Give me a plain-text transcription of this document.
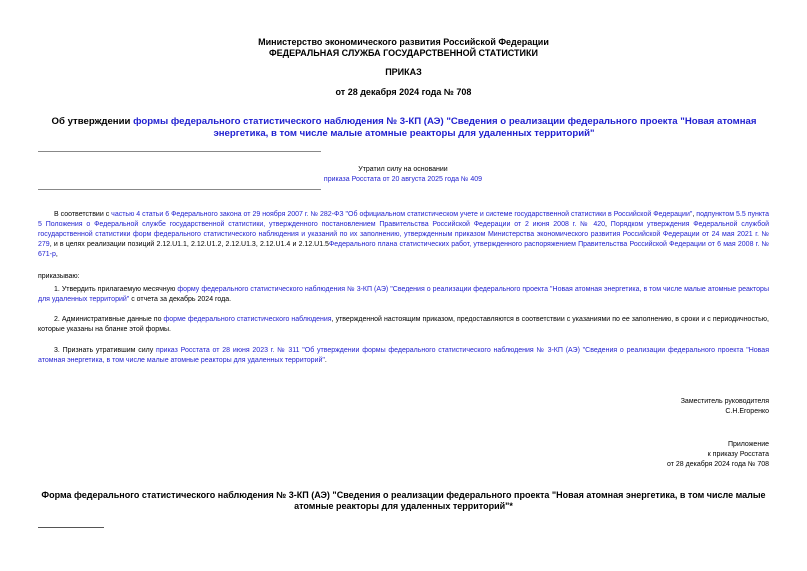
Министерство экономического развития Российской Федерации
ФЕДЕРАЛЬНАЯ СЛУЖБА ГОСУДАРСТВЕННОЙ СТАТИСТИКИ
ПРИКАЗ
от 28 декабря 2024 года № 708
Об утверждении формы федерального статистического наблюдения № 3-КП (АЭ) "Сведения о реализации федерального проекта "Новая атомная энергетика, в том числе малые атомные реакторы для удаленных территорий"
Утратил силу на основании
приказа Росстата от 20 августа 2025 года № 409
В соответствии с частью 4 статьи 6 Федерального закона от 29 ноября 2007 г. № 282-ФЗ "Об официальном статистическом учете и системе государственной статистики в Российской Федерации", подпунктом 5.5 пункта 5 Положения о Федеральной службе государственной статистики, утвержденного постановлением Правительства Российской Федерации от 2 июня 2008 г. № 420, Порядком утверждения Федеральной службой государственной статистики форм федерального статистического наблюдения и указаний по их заполнению, утвержденным приказом Министерства экономического развития Российской Федерации от 24 мая 2021 г. № 279, и в целях реализации позиций 2.12.U1.1, 2.12.U1.2, 2.12.U1.3, 2.12.U1.4 и 2.12.U1.5Федерального плана статистических работ, утвержденного распоряжением Правительства Российской Федерации от 6 мая 2008 г. № 671-р,
приказываю:
1. Утвердить прилагаемую месячную форму федерального статистического наблюдения № 3-КП (АЭ) "Сведения о реализации федерального проекта "Новая атомная энергетика, в том числе малые атомные реакторы для удаленных территорий" с отчета за декабрь 2024 года.
2. Административные данные по форме федерального статистического наблюдения, утвержденной настоящим приказом, предоставляются в соответствии с указаниями по ее заполнению, в сроки и с периодичностью, которые указаны на бланке этой формы.
3. Признать утратившим силу приказ Росстата от 28 июня 2023 г. № 311 "Об утверждении формы федерального статистического наблюдения № 3-КП (АЭ) "Сведения о реализации федерального проекта "Новая атомная энергетика, в том числе малые атомные реакторы для удаленных территорий".
Заместитель руководителя
С.Н.Егоренко
Приложение
к приказу Росстата
от 28 декабря 2024 года № 708
Форма федерального статистического наблюдения № 3-КП (АЭ) "Сведения о реализации федерального проекта "Новая атомная энергетика, в том числе малые атомные реакторы для удаленных территорий"*
